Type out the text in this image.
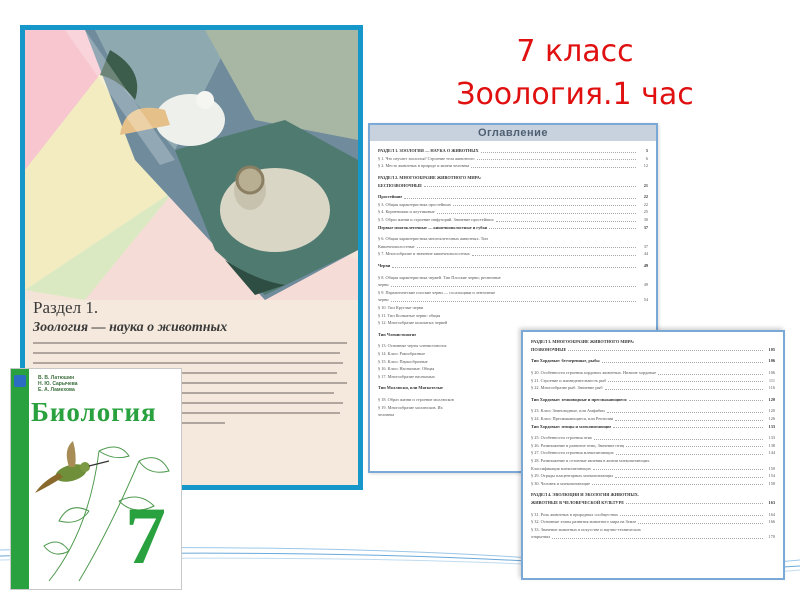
7 класс
Зоология.1 час
Раздел 1.
Зоология — наука о животных
В. В. Латюшин
Н. Ю. Сарычева
Е. А. Ламехова
Биология
7
Оглавление
РАЗДЕЛ 1. ЗООЛОГИЯ — НАУКА О ЖИВОТНЫХ	5
§ 1. Что изучает зоология? Строение тела животного	6
§ 2. Место животных в природе и жизни человека	12
РАЗДЕЛ 2. МНОГООБРАЗИЕ ЖИВОТНОГО МИРА:
БЕСПОЗВОНОЧНЫЕ	21
Простейшие	22
§ 3. Общая характеристика простейших	22
§ 4. Корненожки и жгутиковые	25
§ 5. Образ жизни и строение инфузорий. Значение простейших	30
Первые многоклеточные — кишечнополостные и губки	37
§ 6. Общая характеристика многоклеточных животных. Тип
Кишечнополостные	37
§ 7. Многообразие и значение кишечнополостных	44
Черви	49
§ 8. Общая характеристика червей. Тип Плоские черви; ресничные
черви	49
§ 9. Паразитические плоские черви — сосальщики и ленточные
черви	54
§ 10. Тип Круглые черви
§ 11. Тип Кольчатые черви: общая
§ 12. Многообразие кольчатых червей
Тип Членистоногие
§ 13. Основные черты членистоногих
§ 14. Класс Ракообразные
§ 15. Класс Паукообразные
§ 16. Класс Насекомые. Общая
§ 17. Многообразие насекомых
Тип Моллюски, или Мягкотелые
§ 18. Образ жизни и строение моллюсков
§ 19. Многообразие моллюсков. Их
человека
РАЗДЕЛ 3. МНОГООБРАЗИЕ ЖИВОТНОГО МИРА:
ПОЗВОНОЧНЫЕ	105
Тип Хордовые: бесчерепные, рыбы	106
§ 20. Особенности строения хордовых животных. Низшие хордовые	106
§ 21. Строение и жизнедеятельность рыб	111
§ 22. Многообразие рыб. Значение рыб	116
Тип Хордовые: земноводные и пресмыкающиеся	120
§ 23. Класс Земноводные, или Амфибии	120
§ 24. Класс Пресмыкающиеся, или Рептилии	126
Тип Хордовые: птицы и млекопитающие	133
§ 25. Особенности строения птиц	133
§ 26. Размножение и развитие птиц. Значение птиц	138
§ 27. Особенности строения млекопитающих	144
§ 28. Размножение и сезонные явления в жизни млекопитающих.
Классификация млекопитающих	150
§ 29. Отряды плацентарных млекопитающих	154
§ 30. Человек и млекопитающие	158
РАЗДЕЛ 4. ЭВОЛЮЦИЯ И ЭКОЛОГИЯ ЖИВОТНЫХ.
ЖИВОТНЫЕ В ЧЕЛОВЕЧЕСКОЙ КУЛЬТУРЕ	163
§ 31. Роль животных в природных сообществах	164
§ 32. Основные этапы развития животного мира на Земле	166
§ 33. Значение животных в искусстве и научно-технических
открытиях	170
